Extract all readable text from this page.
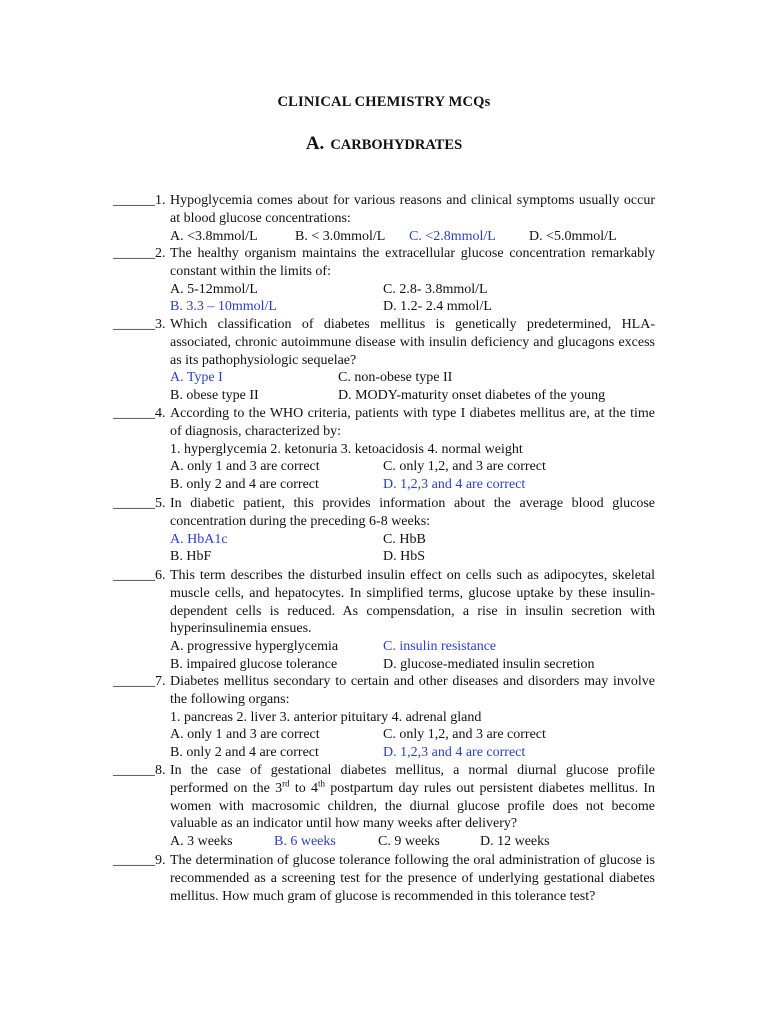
CLINICAL CHEMISTRY MCQs
A. CARBOHYDRATES
______1. Hypoglycemia comes about for various reasons and clinical symptoms usually occur at blood glucose concentrations:
A. <3.8mmol/L	B. < 3.0mmol/L C. <2.8mmol/L D. <5.0mmol/L
______2. The healthy organism maintains the extracellular glucose concentration remarkably constant within the limits of:
A. 5-12mmol/L	C. 2.8- 3.8mmol/L
B. 3.3 – 10mmol/L	D. 1.2- 2.4 mmol/L
______3. Which classification of diabetes mellitus is genetically predetermined, HLA-associated, chronic autoimmune disease with insulin deficiency and glucagons excess as its pathophysiologic sequelae?
A. Type I	C. non-obese type II
B. obese type II	D. MODY-maturity onset diabetes of the young
______4. According to the WHO criteria, patients with type I diabetes mellitus are, at the time of diagnosis, characterized by:
1. hyperglycemia 2. ketonuria 3. ketoacidosis 4. normal weight
A. only 1 and 3 are correct	C. only 1,2, and 3 are correct
B. only 2 and 4 are correct	D. 1,2,3 and 4 are correct
______5. In diabetic patient, this provides information about the average blood glucose concentration during the preceding 6-8 weeks:
A. HbA1c	C. HbB
B. HbF	D. HbS
______6. This term describes the disturbed insulin effect on cells such as adipocytes, skeletal muscle cells, and hepatocytes. In simplified terms, glucose uptake by these insulin-dependent cells is reduced. As compensdation, a rise in insulin secretion with hyperinsulinemia ensues.
A. progressive hyperglycemia	C. insulin resistance
B. impaired glucose tolerance	D. glucose-mediated insulin secretion
______7. Diabetes mellitus secondary to certain and other diseases and disorders may involve the following organs:
1. pancreas 2. liver 3. anterior pituitary 4. adrenal gland
A. only 1 and 3 are correct	C. only 1,2, and 3 are correct
B. only 2 and 4 are correct	D. 1,2,3 and 4 are correct
______8. In the case of gestational diabetes mellitus, a normal diurnal glucose profile performed on the 3rd to 4th postpartum day rules out persistent diabetes mellitus. In women with macrosomic children, the diurnal glucose profile does not become valuable as an indicator until how many weeks after delivery?
A. 3 weeks	B. 6 weeks	C. 9 weeks	D. 12 weeks
______9. The determination of glucose tolerance following the oral administration of glucose is recommended as a screening test for the presence of underlying gestational diabetes mellitus. How much gram of glucose is recommended in this tolerance test?
